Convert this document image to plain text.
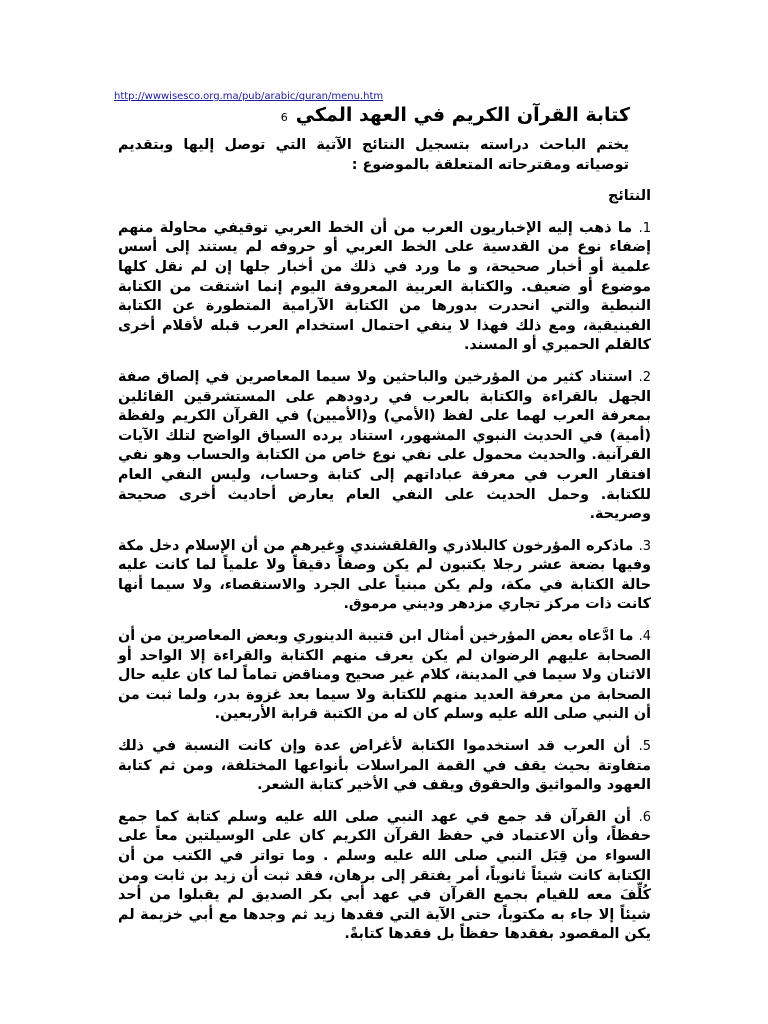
http://wwwisesco.org.ma/pub/arabic/quran/menu.htm
كتابة القرآن الكريم في العهد المكي6

يختم الباحث دراسته بتسجيل النتائج الآتية التي توصل إليها وبتقديم توصياته ومقترحاته المتعلقة بالموضوع :

النتائج

1. ما ذهب إليه الإخباريون العرب من أن الخط العربي توقيفي محاولة منهم إضفاء نوع من القدسية على الخط العربي أو حروفه لم يستند إلى أسس علمية أو أخبار صحيحة، و ما ورد في ذلك من أخبار جلها إن لم نقل كلها موضوع أو ضعيف. والكتابة العربية المعروفة اليوم إنما اشتقت من الكتابة النبطية والتي انحدرت بدورها من الكتابة الآرامية المتطورة عن الكتابة الفينيقية، ومع ذلك فهذا لا ينفي احتمال استخدام العرب قبله لأقلام أخرى كالقلم الحميري أو المسند.

2. استناد كثير من المؤرخين والباحثين ولا سيما المعاصرين في إلصاق صفة الجهل بالقراءة والكتابة بالعرب في ردودهم على المستشرقين القائلين بمعرفة العرب لهما على لفظ (الأمي) و(الأميين) في القرآن الكريم ولفظة (أمية) في الحديث النبوي المشهور، استناد يرده السياق الواضح لتلك الآيات القرآنية. والحديث محمول على نفي نوع خاص من الكتابة والحساب وهو نفي افتقار العرب في معرفة عباداتهم إلى كتابة وحساب، وليس النفي العام للكتابة. وحمل الحديث على النفي العام يعارض أحاديث أخرى صحيحة وصريحة.

3. ماذكره المؤرخون كالبلاذري والقلقشندي وغيرهم من أن الإسلام دخل مكة وفيها بضعة عشر رجلا يكتبون لم يكن وصفاً دقيقاً ولا علمياً لما كانت عليه حالة الكتابة في مكة، ولم يكن مبنياً على الجرد والاستقصاء، ولا سيما أنها كانت ذات مركز تجاري مزدهر وديني مرموق.

4. ما ادَّعاه بعض المؤرخين أمثال ابن قتيبة الدينوري وبعض المعاصرين من أن الصحابة عليهم الرضوان لم يكن يعرف منهم الكتابة والقراءة إلا الواحد أو الاثنان ولا سيما في المدينة، كلام غير صحيح ومناقض تماماً لما كان عليه حال الصحابة من معرفة العديد منهم للكتابة ولا سيما بعد غزوة بدر، ولما ثبت من أن النبي صلى الله عليه وسلم كان له من الكتبة قرابة الأربعين.

5. أن العرب قد استخدموا الكتابة لأغراض عدة وإن كانت النسبة في ذلك متفاوتة بحيث يقف في القمة المراسلات بأنواعها المختلفة، ومن ثم كتابة العهود والمواثيق والحقوق ويقف في الأخير كتابة الشعر.

6. أن القرآن قد جمع في عهد النبي صلى الله عليه وسلم كتابة كما جمع حفظاً، وأن الاعتماد في حفظ القرآن الكريم كان على الوسيلتين معاً على السواء من قِبَل النبي صلى الله عليه وسلم . وما تواتر في الكتب من أن الكتابة كانت شيئاً ثانوياً، أمر يفتقر إلى برهان، فقد ثبت أن زيد بن ثابت ومن كُلِّفَ معه للقيام بجمع القرآن في عهد أبي بكر الصديق لم يقبلوا من أحد شيئاً إلا جاء به مكتوباً، حتى الآية التي فقدها زيد ثم وجدها مع أبي خزيمة لم يكن المقصود بفقدها حفظاً بل فقدها كتابةً.
